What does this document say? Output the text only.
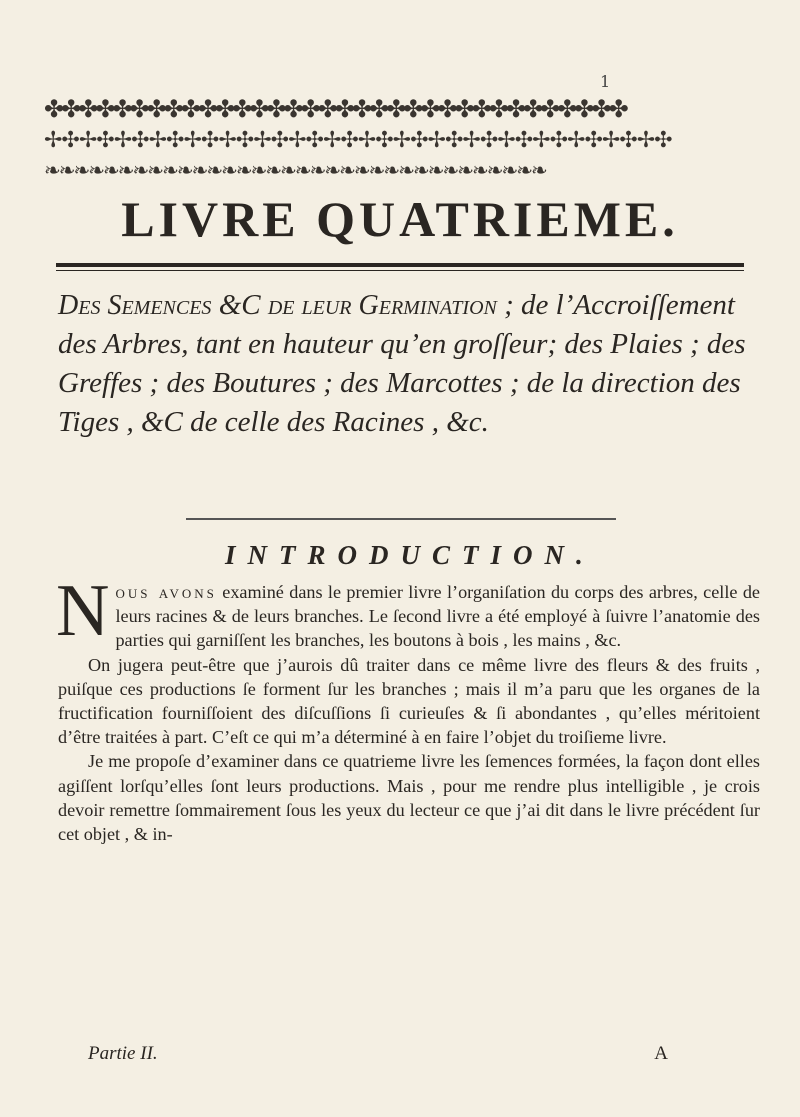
1
✤✤✤✤✤✤✤✤✤✤✤✤✤✤✤✤✤✤✤✤✤✤✤✤✤✤✤✤✤✤✤✤✤✤
✢✣✢✣✢✣✢✣✢✣✢✣✢✣✢✣✢✣✢✣✢✣✢✣✢✣✢✣✢✣✢✣✢✣✢✣
❧❧❧❧❧❧❧❧❧❧❧❧❧❧❧❧❧❧❧❧❧❧❧❧❧❧❧❧❧❧❧❧❧❧
LIVRE QUATRIEME.

Des Semences &C de leur Germination ; de l’Accroiſſement des Arbres, tant en hauteur qu’en groſſeur; des Plaies ; des Greffes ; des Boutures ; des Marcottes ; de la direction des Tiges , &C de celle des Racines , &c.

INTRODUCTION.

Nous avons examiné dans le premier livre l’organiſation du corps des arbres, celle de leurs racines & de leurs branches. Le ſecond livre a été employé à ſuivre l’anatomie des parties qui garniſſent les branches, les boutons à bois , les mains , &c.

On jugera peut-être que j’aurois dû traiter dans ce même livre des fleurs & des fruits , puiſque ces productions ſe forment ſur les branches ; mais il m’a paru que les organes de la fructification fourniſſoient des diſcuſſions ſi curieuſes & ſi abondantes , qu’elles méritoient d’être traitées à part. C’eſt ce qui m’a déterminé à en faire l’objet du troiſieme livre.

Je me propoſe d’examiner dans ce quatrieme livre les ſemences formées, la façon dont elles agiſſent lorſqu’elles ſont leurs productions. Mais , pour me rendre plus intelligible , je crois devoir remettre ſommairement ſous les yeux du lecteur ce que j’ai dit dans le livre précédent ſur cet objet , & in-

Partie II.	A
